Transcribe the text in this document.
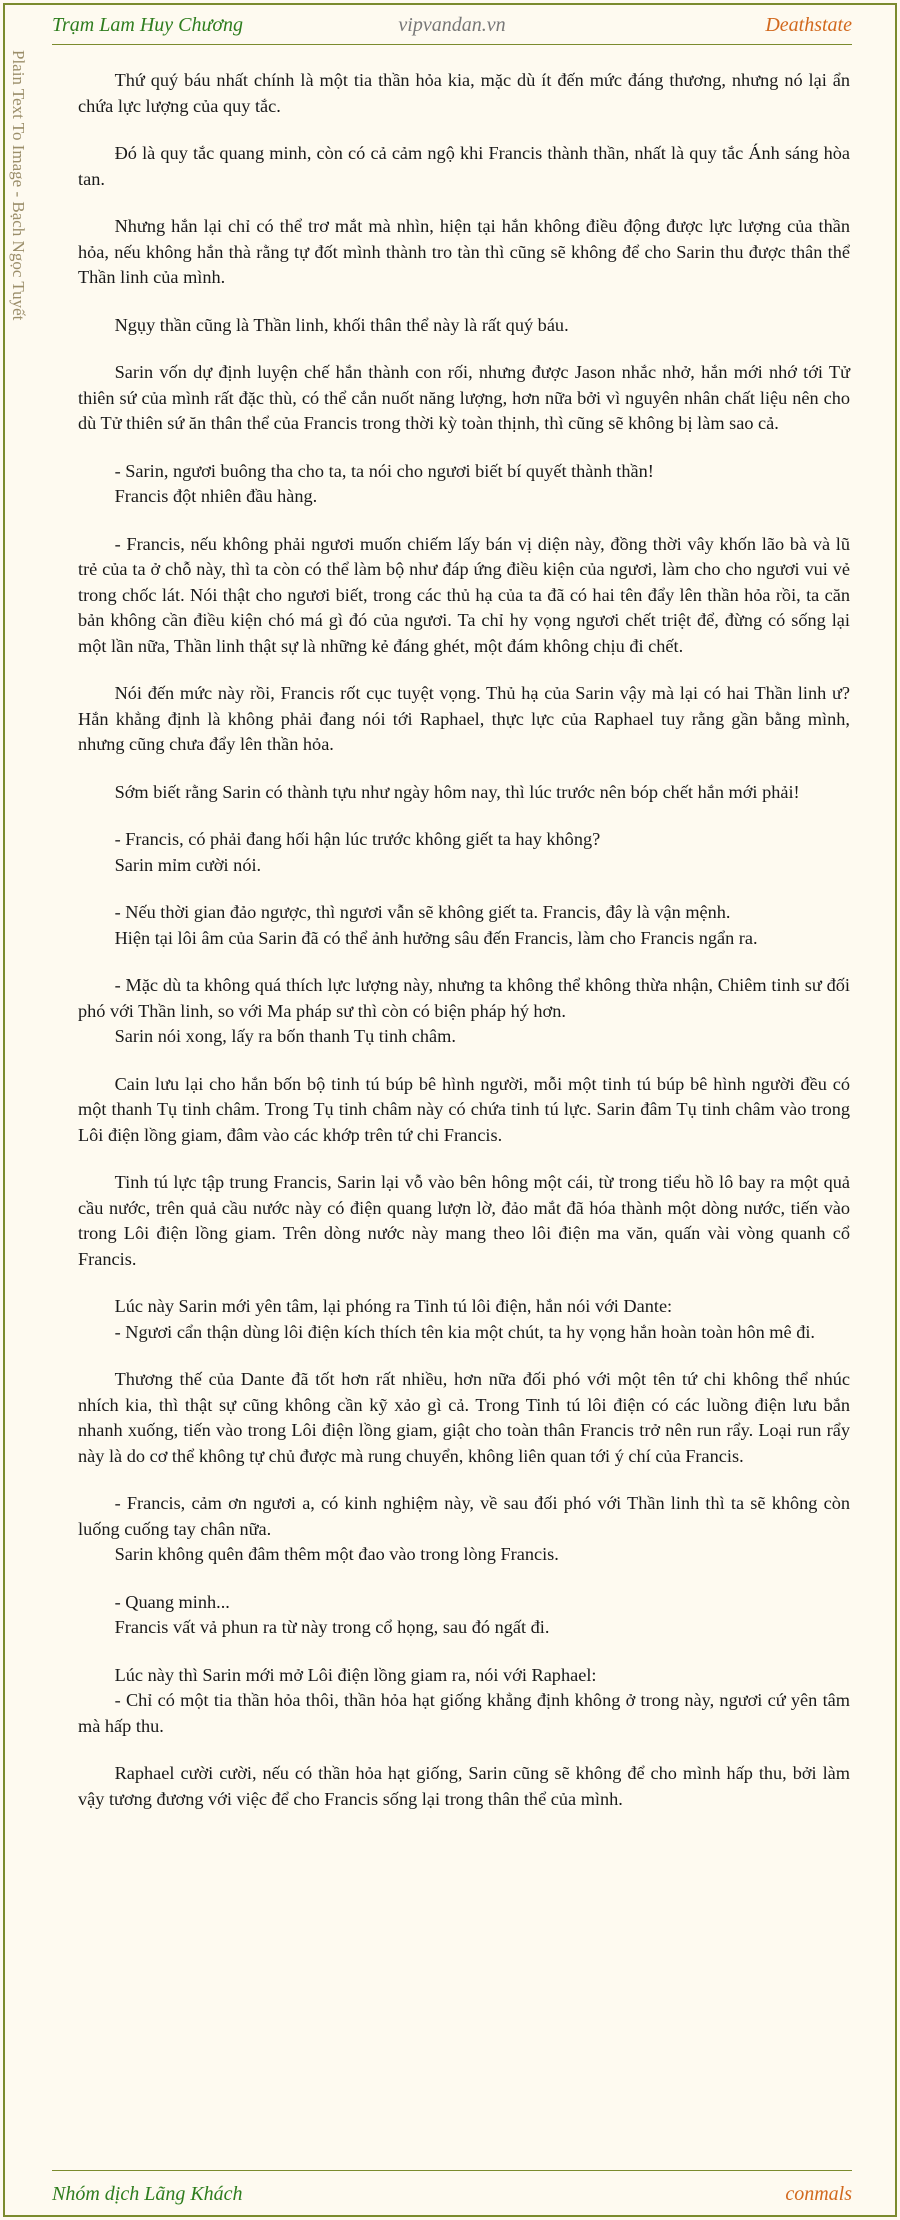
Trạm Lam Huy Chương	vipvandan.vn	Deathstate
Plain Text To Image - Bạch Ngọc Tuyết	Thứ quý báu nhất chính là một tia thần hỏa kia, mặc dù ít đến mức đáng thương, nhưng nó lại ẩn chứa lực lượng của quy tắc.

Đó là quy tắc quang minh, còn có cả cảm ngộ khi Francis thành thần, nhất là quy tắc Ánh sáng hòa tan.

Nhưng hắn lại chỉ có thể trơ mắt mà nhìn, hiện tại hắn không điều động được lực lượng của thần hỏa, nếu không hắn thà rằng tự đốt mình thành tro tàn thì cũng sẽ không để cho Sarin thu được thân thể Thần linh của mình.

Ngụy thần cũng là Thần linh, khối thân thể này là rất quý báu.

Sarin vốn dự định luyện chế hắn thành con rối, nhưng được Jason nhắc nhở, hắn mới nhớ tới Tử thiên sứ của mình rất đặc thù, có thể cắn nuốt năng lượng, hơn nữa bởi vì nguyên nhân chất liệu nên cho dù Tử thiên sứ ăn thân thể của Francis trong thời kỳ toàn thịnh, thì cũng sẽ không bị làm sao cả.

- Sarin, ngươi buông tha cho ta, ta nói cho ngươi biết bí quyết thành thần!

Francis đột nhiên đầu hàng.

- Francis, nếu không phải ngươi muốn chiếm lấy bán vị diện này, đồng thời vây khốn lão bà và lũ trẻ của ta ở chỗ này, thì ta còn có thể làm bộ như đáp ứng điều kiện của ngươi, làm cho cho ngươi vui vẻ trong chốc lát. Nói thật cho ngươi biết, trong các thủ hạ của ta đã có hai tên đẩy lên thần hỏa rồi, ta căn bản không cần điều kiện chó má gì đó của ngươi. Ta chỉ hy vọng ngươi chết triệt để, đừng có sống lại một lần nữa, Thần linh thật sự là những kẻ đáng ghét, một đám không chịu đi chết.

Nói đến mức này rồi, Francis rốt cục tuyệt vọng. Thủ hạ của Sarin vậy mà lại có hai Thần linh ư? Hắn khẳng định là không phải đang nói tới Raphael, thực lực của Raphael tuy rằng gần bằng mình, nhưng cũng chưa đẩy lên thần hỏa.

Sớm biết rằng Sarin có thành tựu như ngày hôm nay, thì lúc trước nên bóp chết hắn mới phải!

- Francis, có phải đang hối hận lúc trước không giết ta hay không?

Sarin mỉm cười nói.

- Nếu thời gian đảo ngược, thì ngươi vẫn sẽ không giết ta. Francis, đây là vận mệnh.

Hiện tại lôi âm của Sarin đã có thể ảnh hưởng sâu đến Francis, làm cho Francis ngẩn ra.

- Mặc dù ta không quá thích lực lượng này, nhưng ta không thể không thừa nhận, Chiêm tinh sư đối phó với Thần linh, so với Ma pháp sư thì còn có biện pháp hý hơn.

Sarin nói xong, lấy ra bốn thanh Tụ tinh châm.

Cain lưu lại cho hắn bốn bộ tinh tú búp bê hình người, mỗi một tinh tú búp bê hình người đều có một thanh Tụ tinh châm. Trong Tụ tinh châm này có chứa tinh tú lực. Sarin đâm Tụ tinh châm vào trong Lôi điện lồng giam, đâm vào các khớp trên tứ chi Francis.

Tinh tú lực tập trung Francis, Sarin lại vỗ vào bên hông một cái, từ trong tiểu hồ lô bay ra một quả cầu nước, trên quả cầu nước này có điện quang lượn lờ, đảo mắt đã hóa thành một dòng nước, tiến vào trong Lôi điện lồng giam. Trên dòng nước này mang theo lôi điện ma văn, quấn vài vòng quanh cổ Francis.

Lúc này Sarin mới yên tâm, lại phóng ra Tinh tú lôi điện, hắn nói với Dante:

- Ngươi cẩn thận dùng lôi điện kích thích tên kia một chút, ta hy vọng hắn hoàn toàn hôn mê đi.

Thương thế của Dante đã tốt hơn rất nhiều, hơn nữa đối phó với một tên tứ chi không thể nhúc nhích kia, thì thật sự cũng không cần kỹ xảo gì cả. Trong Tinh tú lôi điện có các luồng điện lưu bắn nhanh xuống, tiến vào trong Lôi điện lồng giam, giật cho toàn thân Francis trở nên run rẩy. Loại run rẩy này là do cơ thể không tự chủ được mà rung chuyển, không liên quan tới ý chí của Francis.

- Francis, cảm ơn ngươi a, có kinh nghiệm này, về sau đối phó với Thần linh thì ta sẽ không còn luống cuống tay chân nữa.

Sarin không quên đâm thêm một đao vào trong lòng Francis.

- Quang minh...

Francis vất vả phun ra từ này trong cổ họng, sau đó ngất đi.

Lúc này thì Sarin mới mở Lôi điện lồng giam ra, nói với Raphael:

- Chỉ có một tia thần hỏa thôi, thần hỏa hạt giống khẳng định không ở trong này, ngươi cứ yên tâm mà hấp thu.

Raphael cười cười, nếu có thần hỏa hạt giống, Sarin cũng sẽ không để cho mình hấp thu, bởi làm vậy tương đương với việc để cho Francis sống lại trong thân thể của mình.

Nhóm dịch Lãng Khách	conmals
